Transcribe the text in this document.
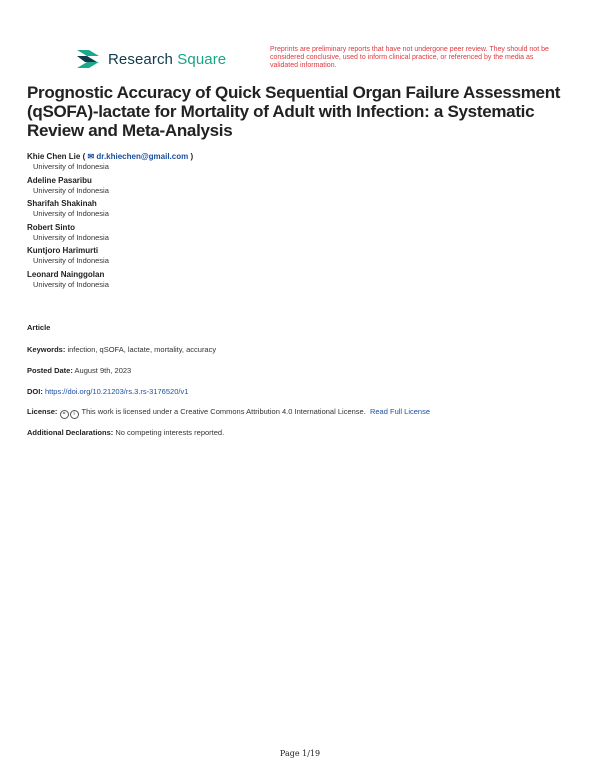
Research Square
Preprints are preliminary reports that have not undergone peer review. They should not be considered conclusive, used to inform clinical practice, or referenced by the media as validated information.
Prognostic Accuracy of Quick Sequential Organ Failure Assessment (qSOFA)-lactate for Mortality of Adult with Infection: a Systematic Review and Meta-Analysis
Khie Chen Lie ( ✉ dr.khiechen@gmail.com )
University of Indonesia
Adeline Pasaribu
University of Indonesia
Sharifah Shakinah
University of Indonesia
Robert Sinto
University of Indonesia
Kuntjoro Harimurti
University of Indonesia
Leonard Nainggolan
University of Indonesia
Article
Keywords: infection, qSOFA, lactate, mortality, accuracy
Posted Date: August 9th, 2023
DOI: https://doi.org/10.21203/rs.3.rs-3176520/v1
License: = i This work is licensed under a Creative Commons Attribution 4.0 International License. Read Full License
Additional Declarations: No competing interests reported.
Page 1/19
